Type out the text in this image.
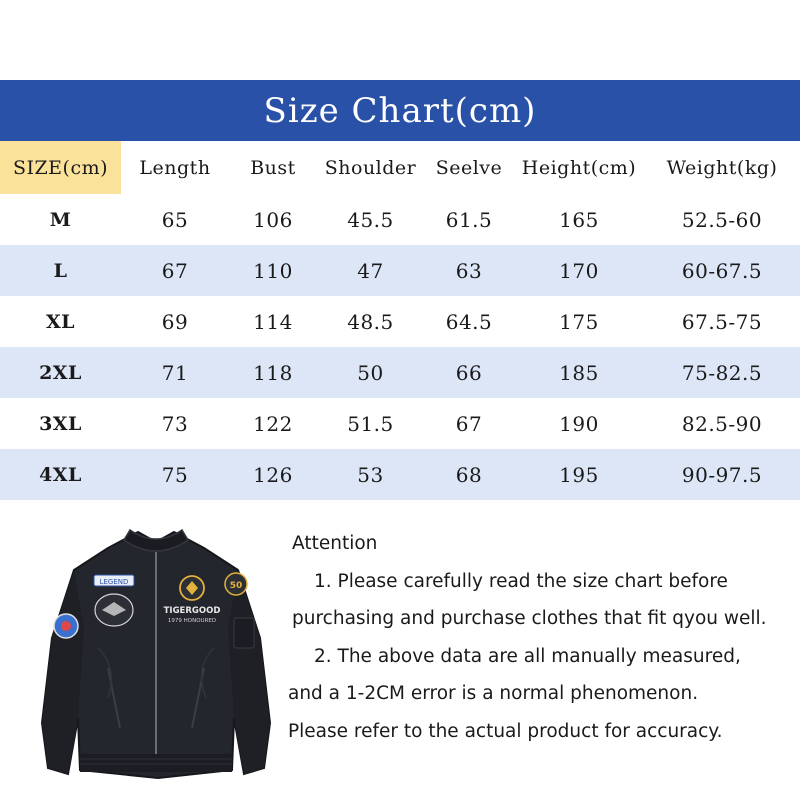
Size Chart(cm)
SIZE(cm)	Length	Bust	Shoulder	Seelve	Height(cm)	Weight(kg)
M	65	106	45.5	61.5	165	52.5-60
L	67	110	47	63	170	60-67.5
XL	69	114	48.5	64.5	175	67.5-75
2XL	71	118	50	66	185	75-82.5
3XL	73	122	51.5	67	190	82.5-90
4XL	75	126	53	68	195	90-97.5
LEGEND
TIGERGOOD
1979 HONOURED
50
Attention
1. Please carefully read the size chart before
purchasing and purchase clothes that fit qyou well.
2. The above data are all manually measured,
and a 1-2CM error is a normal phenomenon.
Please refer to the actual product for accuracy.
